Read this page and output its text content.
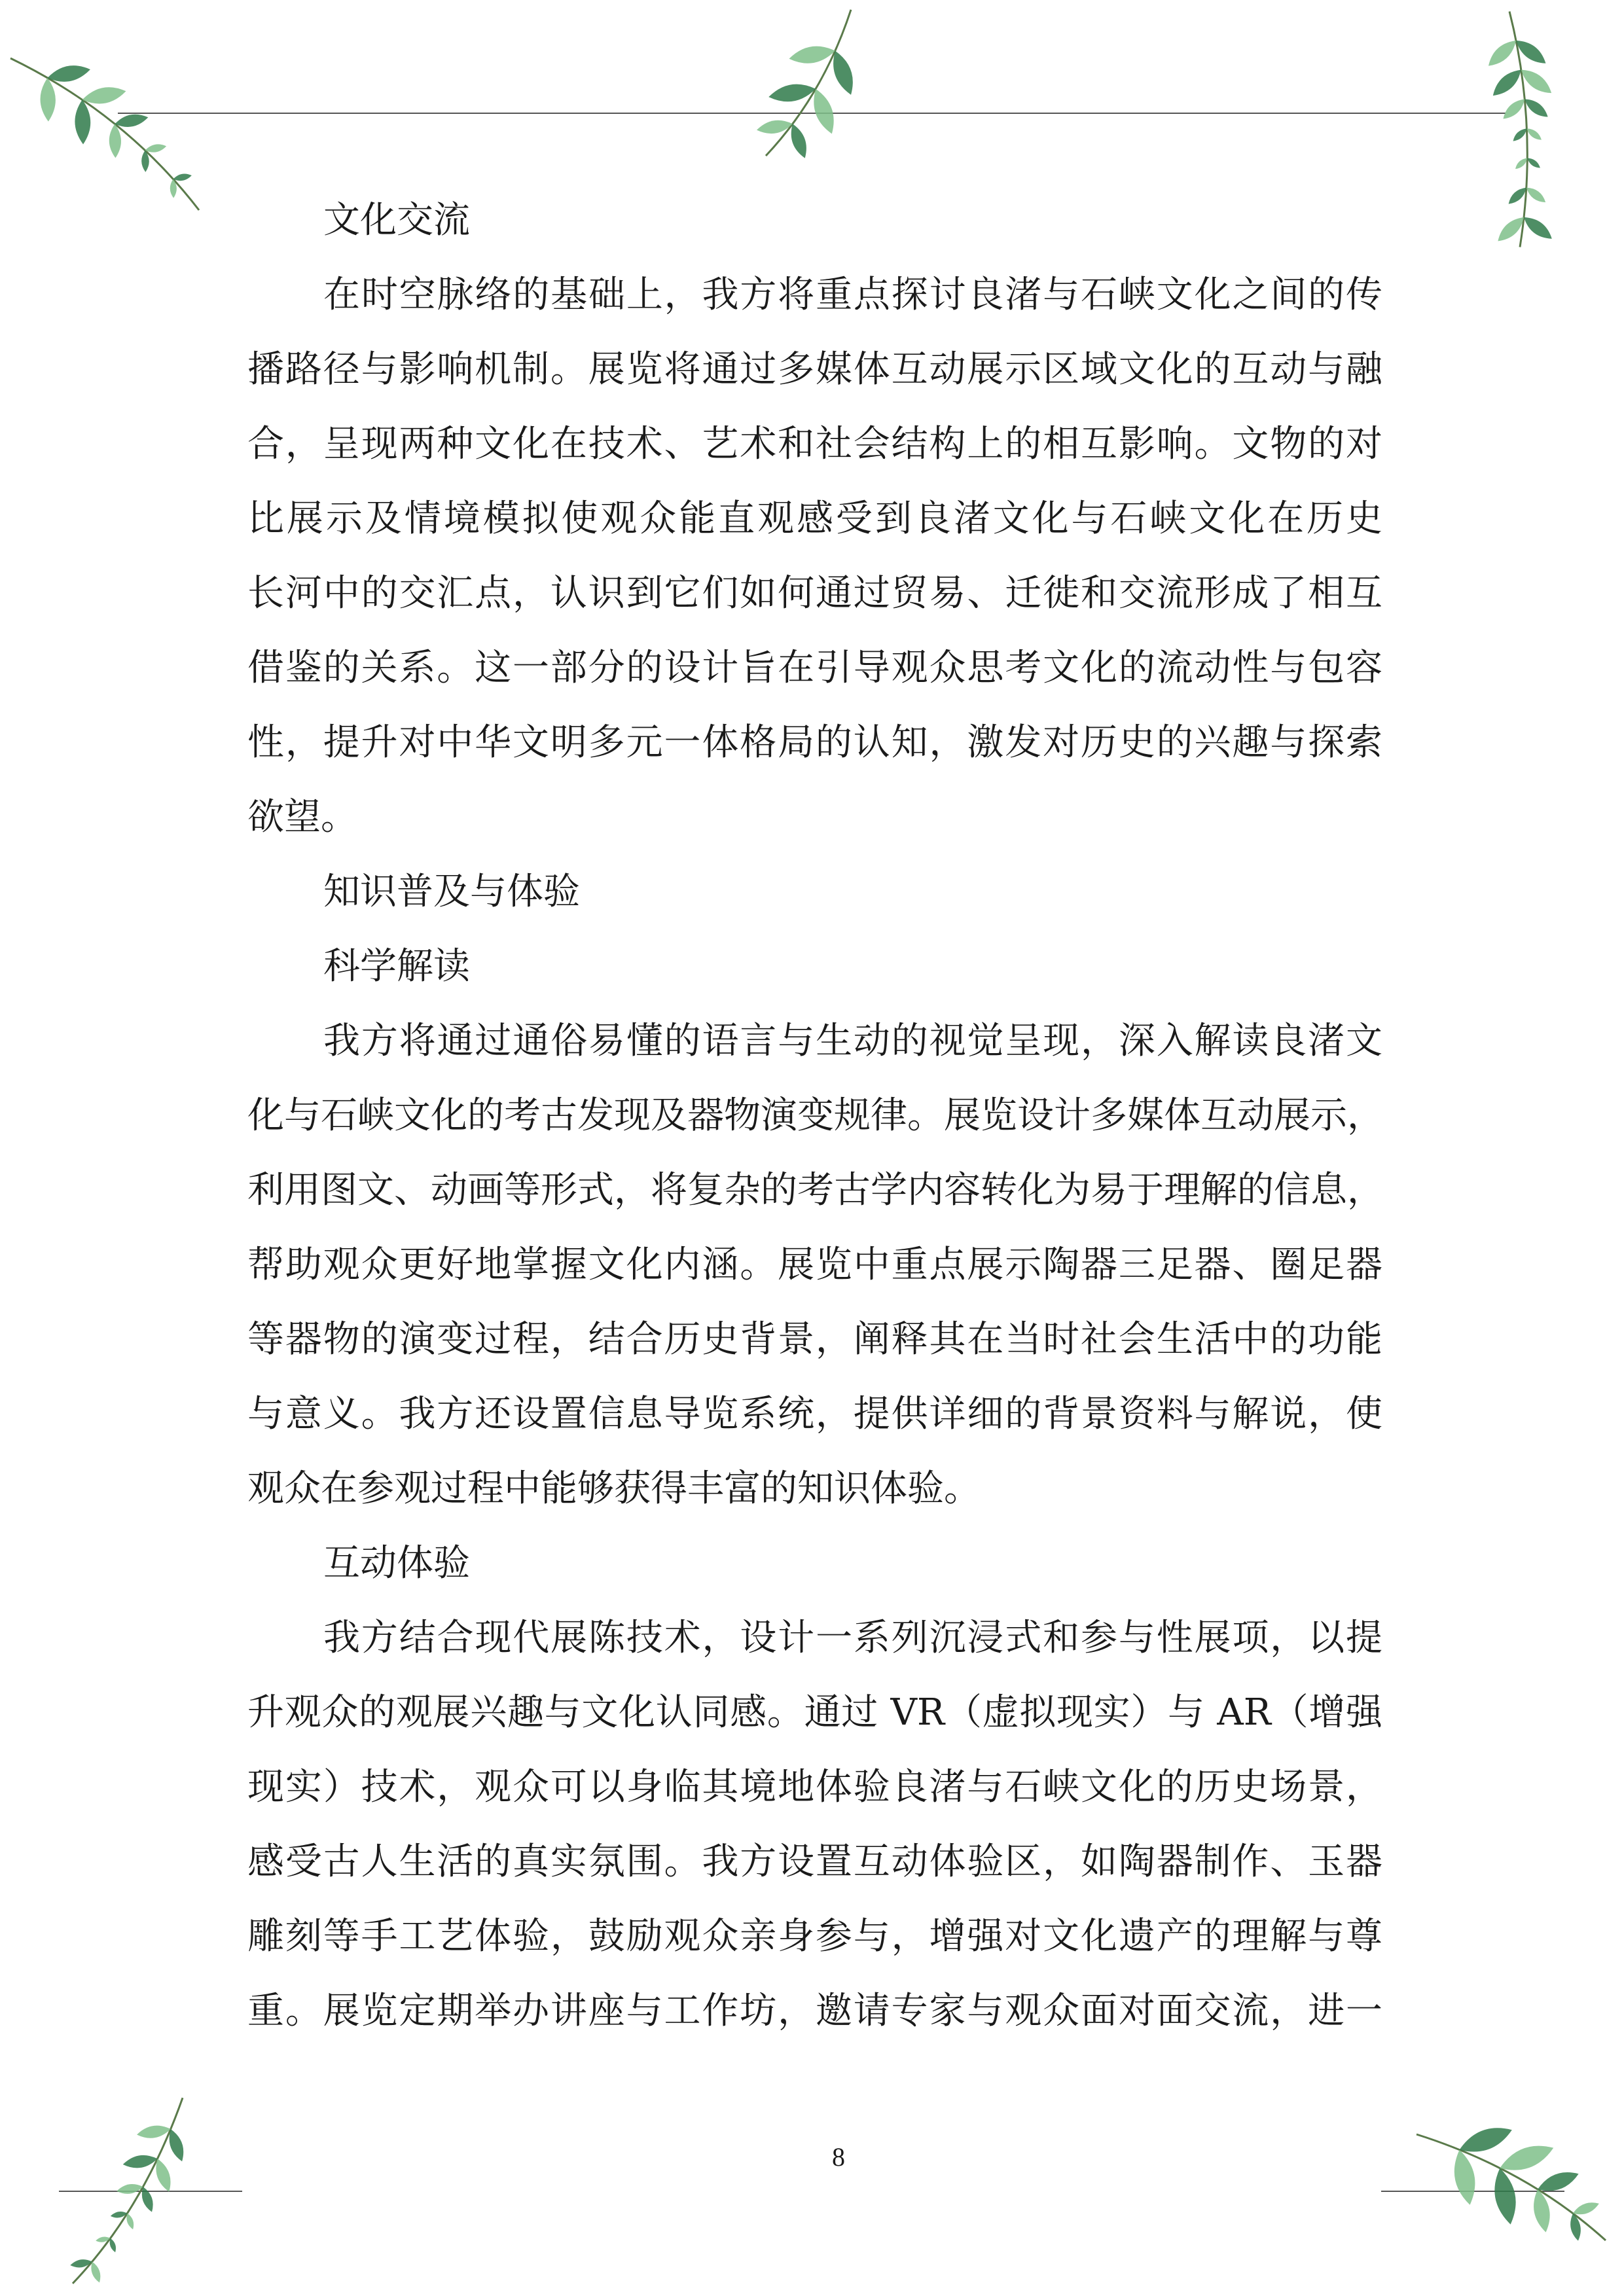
文化交流
在时空脉络的基础上，我方将重点探讨良渚与石峡文化之间的传
播路径与影响机制。展览将通过多媒体互动展示区域文化的互动与融
合，呈现两种文化在技术、艺术和社会结构上的相互影响。文物的对
比展示及情境模拟使观众能直观感受到良渚文化与石峡文化在历史
长河中的交汇点，认识到它们如何通过贸易、迁徙和交流形成了相互
借鉴的关系。这一部分的设计旨在引导观众思考文化的流动性与包容
性，提升对中华文明多元一体格局的认知，激发对历史的兴趣与探索
欲望。
知识普及与体验
科学解读
我方将通过通俗易懂的语言与生动的视觉呈现，深入解读良渚文
化与石峡文化的考古发现及器物演变规律。展览设计多媒体互动展示，
利用图文、动画等形式，将复杂的考古学内容转化为易于理解的信息，
帮助观众更好地掌握文化内涵。展览中重点展示陶器三足器、圈足器
等器物的演变过程，结合历史背景，阐释其在当时社会生活中的功能
与意义。我方还设置信息导览系统，提供详细的背景资料与解说，使
观众在参观过程中能够获得丰富的知识体验。
互动体验
我方结合现代展陈技术，设计一系列沉浸式和参与性展项，以提
升观众的观展兴趣与文化认同感。通过 VR（虚拟现实）与 AR（增强
现实）技术，观众可以身临其境地体验良渚与石峡文化的历史场景，
感受古人生活的真实氛围。我方设置互动体验区，如陶器制作、玉器
雕刻等手工艺体验，鼓励观众亲身参与，增强对文化遗产的理解与尊
重。展览定期举办讲座与工作坊，邀请专家与观众面对面交流，进一
8
